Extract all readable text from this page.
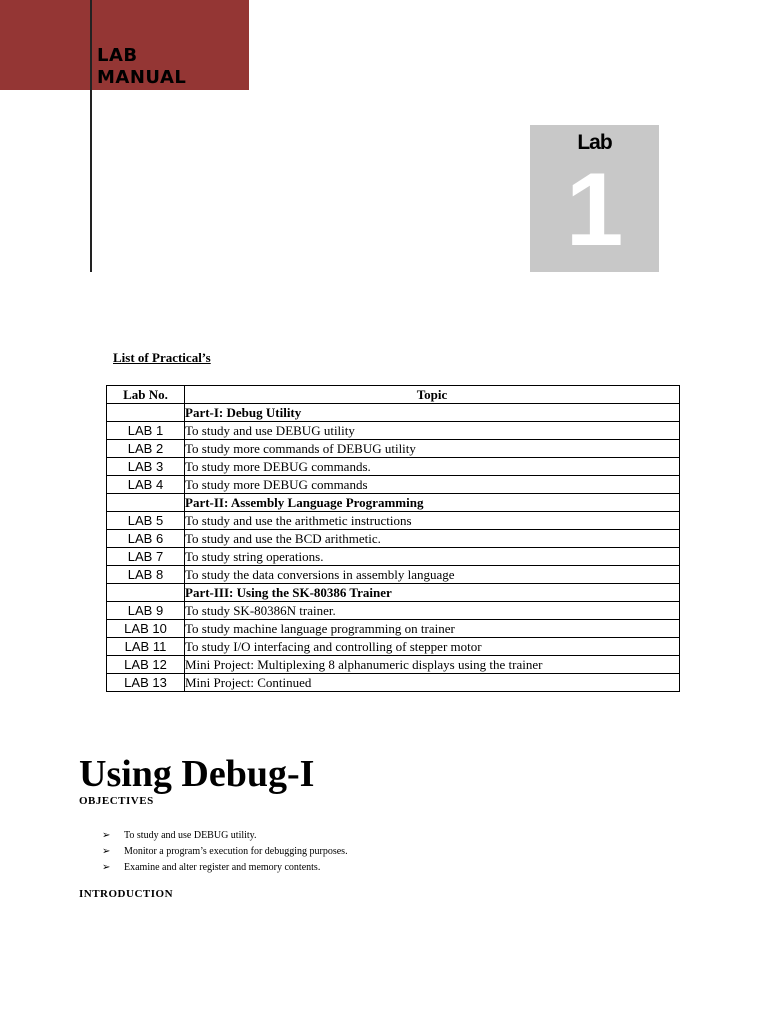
LAB
MANUAL
Lab
1
List of Practical’s
Lab No.	Topic
	Part-I: Debug Utility
LAB 1	To study and use DEBUG utility
LAB 2	To study more commands of DEBUG utility
LAB 3	To study more DEBUG commands.
LAB 4	To study more DEBUG commands
	Part-II: Assembly Language Programming
LAB 5	To study and use the arithmetic instructions
LAB 6	To study and use the BCD arithmetic.
LAB 7	To study string operations.
LAB 8	To study the data conversions in assembly language
	Part-III: Using the SK-80386 Trainer
LAB 9	To study SK-80386N trainer.
LAB 10	To study machine language programming on trainer
LAB 11	To study I/O interfacing and controlling of stepper motor
LAB 12	Mini Project: Multiplexing 8 alphanumeric displays using the trainer
LAB 13	Mini Project: Continued
Using Debug-I
OBJECTIVES
➢ To study and use DEBUG utility.
➢ Monitor a program’s execution for debugging purposes.
➢ Examine and alter register and memory contents.
INTRODUCTION
